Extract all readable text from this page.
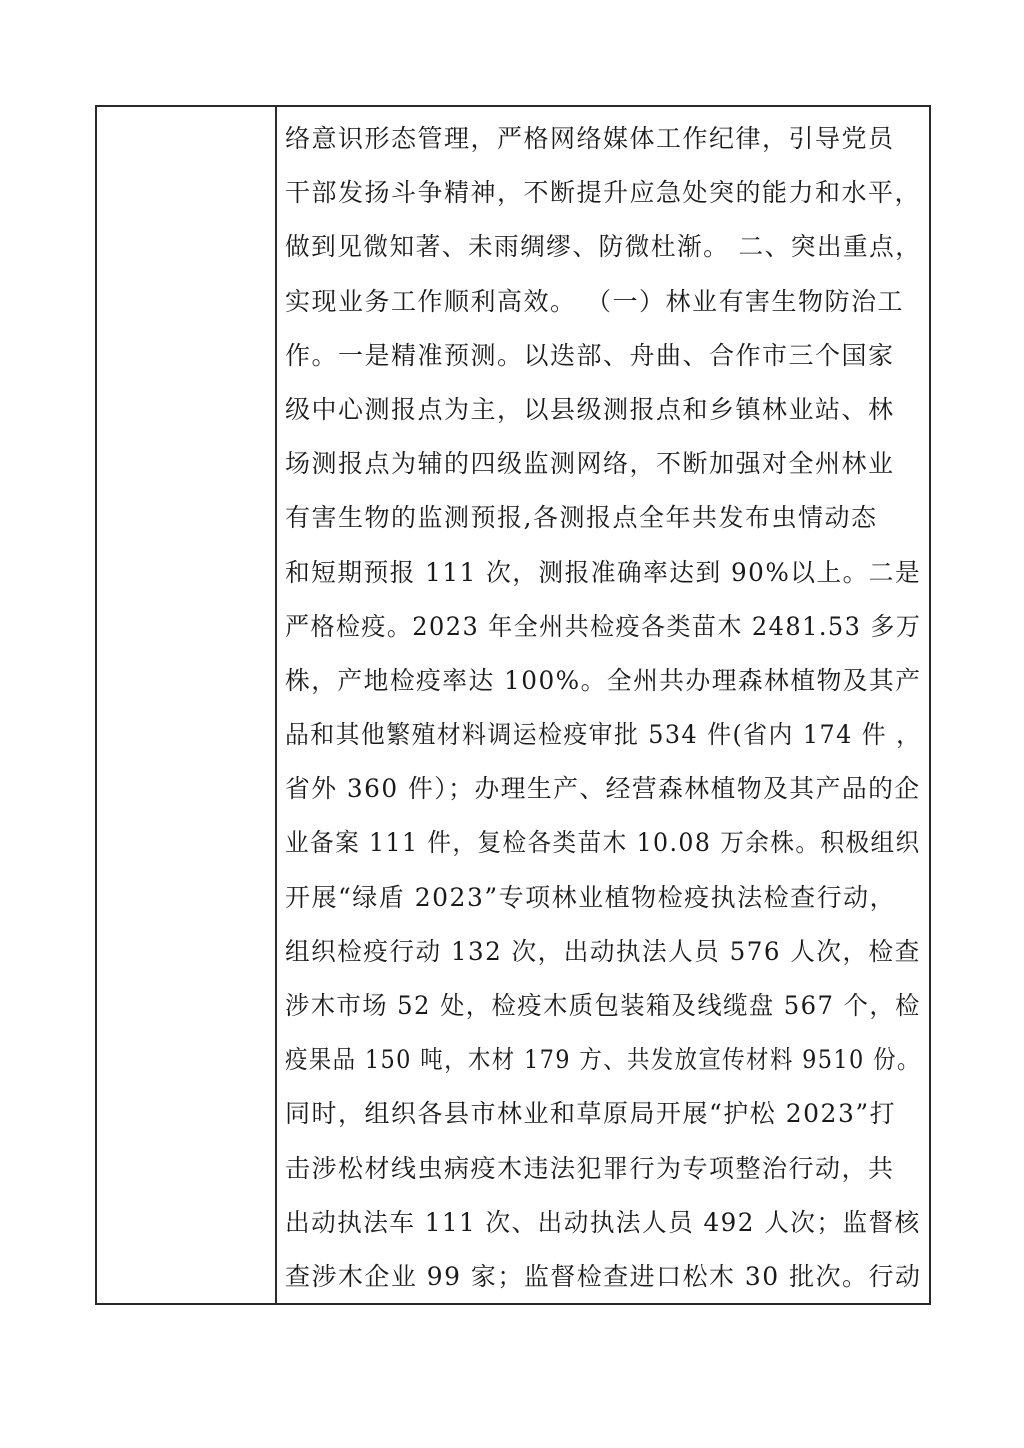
络意识形态管理，严格网络媒体工作纪律，引导党员
干部发扬斗争精神，不断提升应急处突的能力和水平，
做到见微知著、未雨绸缪、防微杜渐。 二、突出重点，
实现业务工作顺利高效。 （一）林业有害生物防治工
作。一是精准预测。以迭部、舟曲、合作市三个国家
级中心测报点为主，以县级测报点和乡镇林业站、林
场测报点为辅的四级监测网络，不断加强对全州林业
有害生物的监测预报,各测报点全年共发布虫情动态
和短期预报 111 次，测报准确率达到 90%以上。二是
严格检疫。2023 年全州共检疫各类苗木 2481.53 多万
株，产地检疫率达 100%。全州共办理森林植物及其产
品和其他繁殖材料调运检疫审批 534 件(省内 174 件 ，
省外 360 件）；办理生产、经营森林植物及其产品的企
业备案 111 件，复检各类苗木 10.08 万余株。积极组织
开展“绿盾 2023”专项林业植物检疫执法检查行动，
组织检疫行动 132 次，出动执法人员 576 人次，检查
涉木市场 52 处，检疫木质包装箱及线缆盘 567 个，检
疫果品 150 吨，木材 179 方、共发放宣传材料 9510 份。
同时，组织各县市林业和草原局开展“护松 2023”打
击涉松材线虫病疫木违法犯罪行为专项整治行动，共
出动执法车 111 次、出动执法人员 492 人次；监督核
查涉木企业 99 家；监督检查进口松木 30 批次。行动
